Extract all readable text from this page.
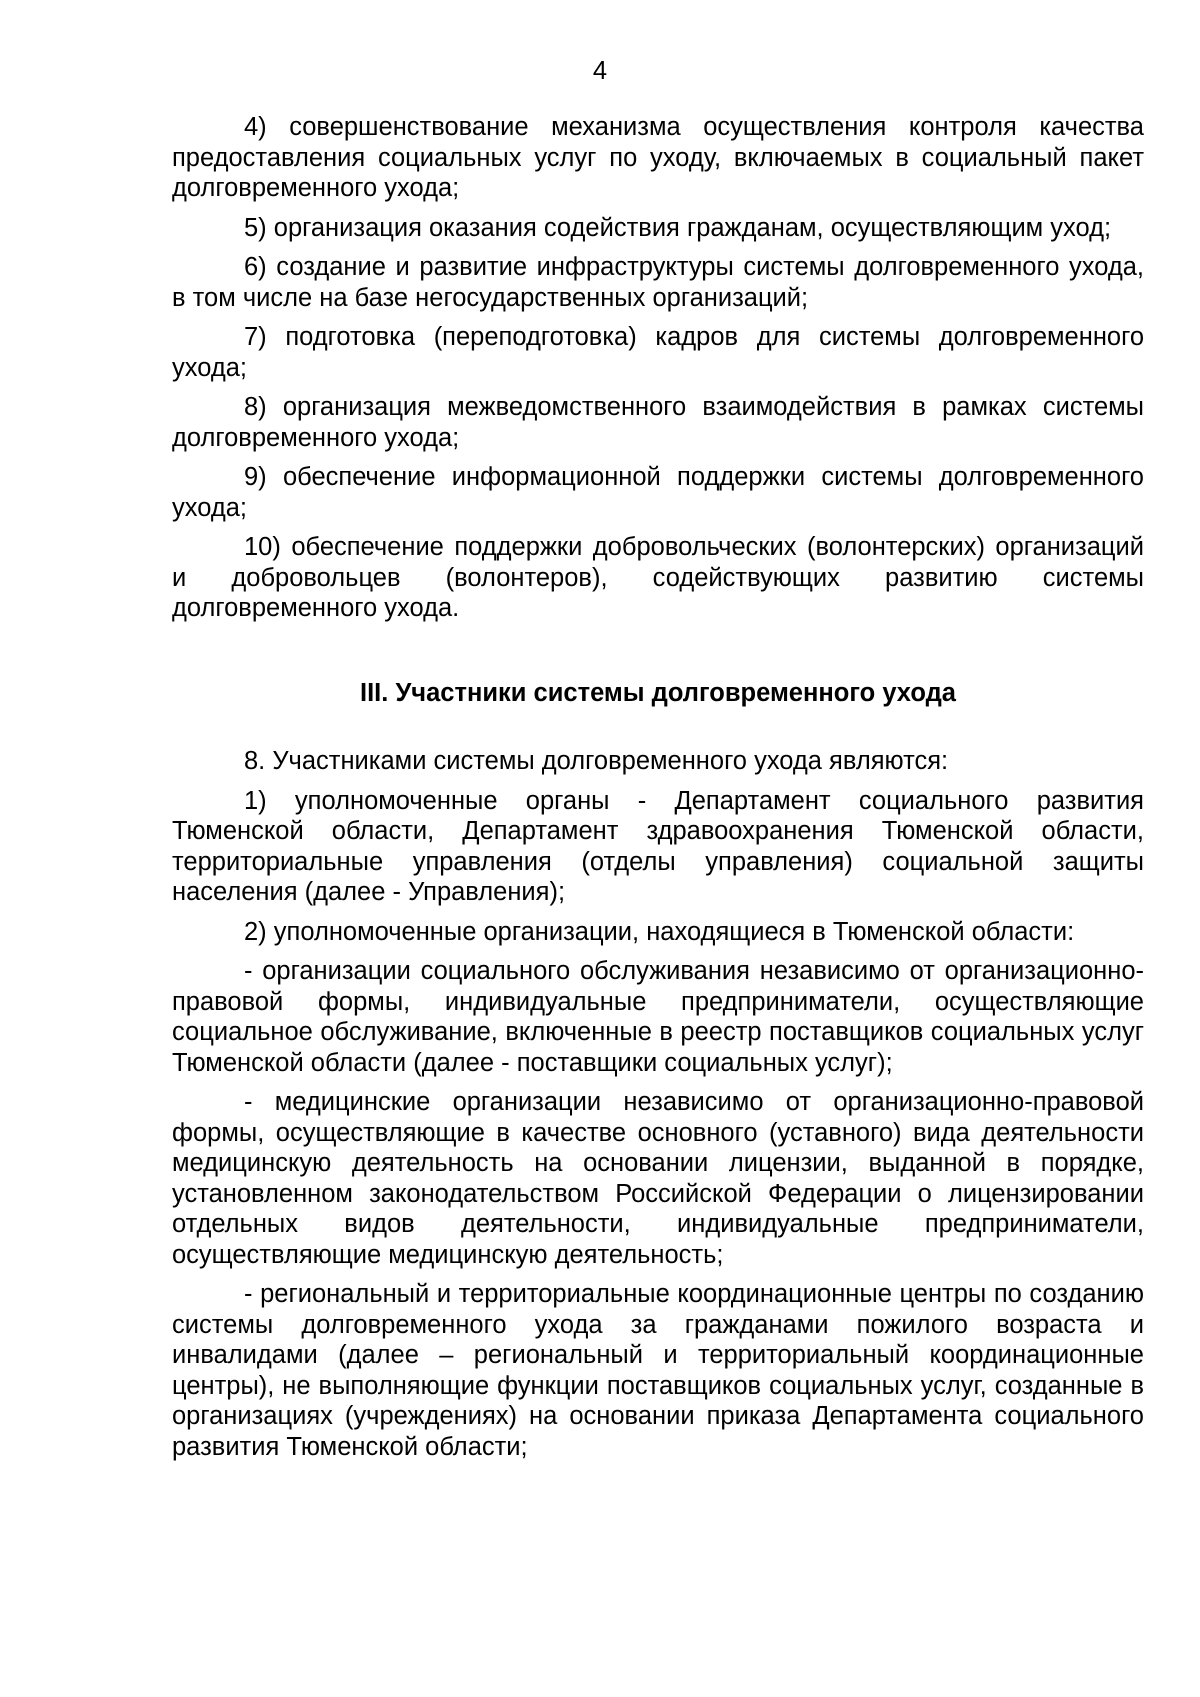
4

4) совершенствование механизма осуществления контроля качества предоставления социальных услуг по уходу, включаемых в социальный пакет долговременного ухода;

5) организация оказания содействия гражданам, осуществляющим уход;

6) создание и развитие инфраструктуры системы долговременного ухода, в том числе на базе негосударственных организаций;

7) подготовка (переподготовка) кадров для системы долговременного ухода;

8) организация межведомственного взаимодействия в рамках системы долговременного ухода;

9) обеспечение информационной поддержки системы долговременного ухода;

10) обеспечение поддержки добровольческих (волонтерских) организаций и добровольцев (волонтеров), содействующих развитию системы долговременного ухода.

III. Участники системы долговременного ухода

8. Участниками системы долговременного ухода являются:

1) уполномоченные органы - Департамент социального развития Тюменской области, Департамент здравоохранения Тюменской области, территориальные управления (отделы управления) социальной защиты населения (далее - Управления);

2) уполномоченные организации, находящиеся в Тюменской области:

- организации социального обслуживания независимо от организационно-правовой формы, индивидуальные предприниматели, осуществляющие социальное обслуживание, включенные в реестр поставщиков социальных услуг Тюменской области (далее - поставщики социальных услуг);

- медицинские организации независимо от организационно-правовой формы, осуществляющие в качестве основного (уставного) вида деятельности медицинскую деятельность на основании лицензии, выданной в порядке, установленном законодательством Российской Федерации о лицензировании отдельных видов деятельности, индивидуальные предприниматели, осуществляющие медицинскую деятельность;

- региональный и территориальные координационные центры по созданию системы долговременного ухода за гражданами пожилого возраста и инвалидами (далее – региональный и территориальный координационные центры), не выполняющие функции поставщиков социальных услуг, созданные в организациях (учреждениях) на основании приказа Департамента социального развития Тюменской области;
